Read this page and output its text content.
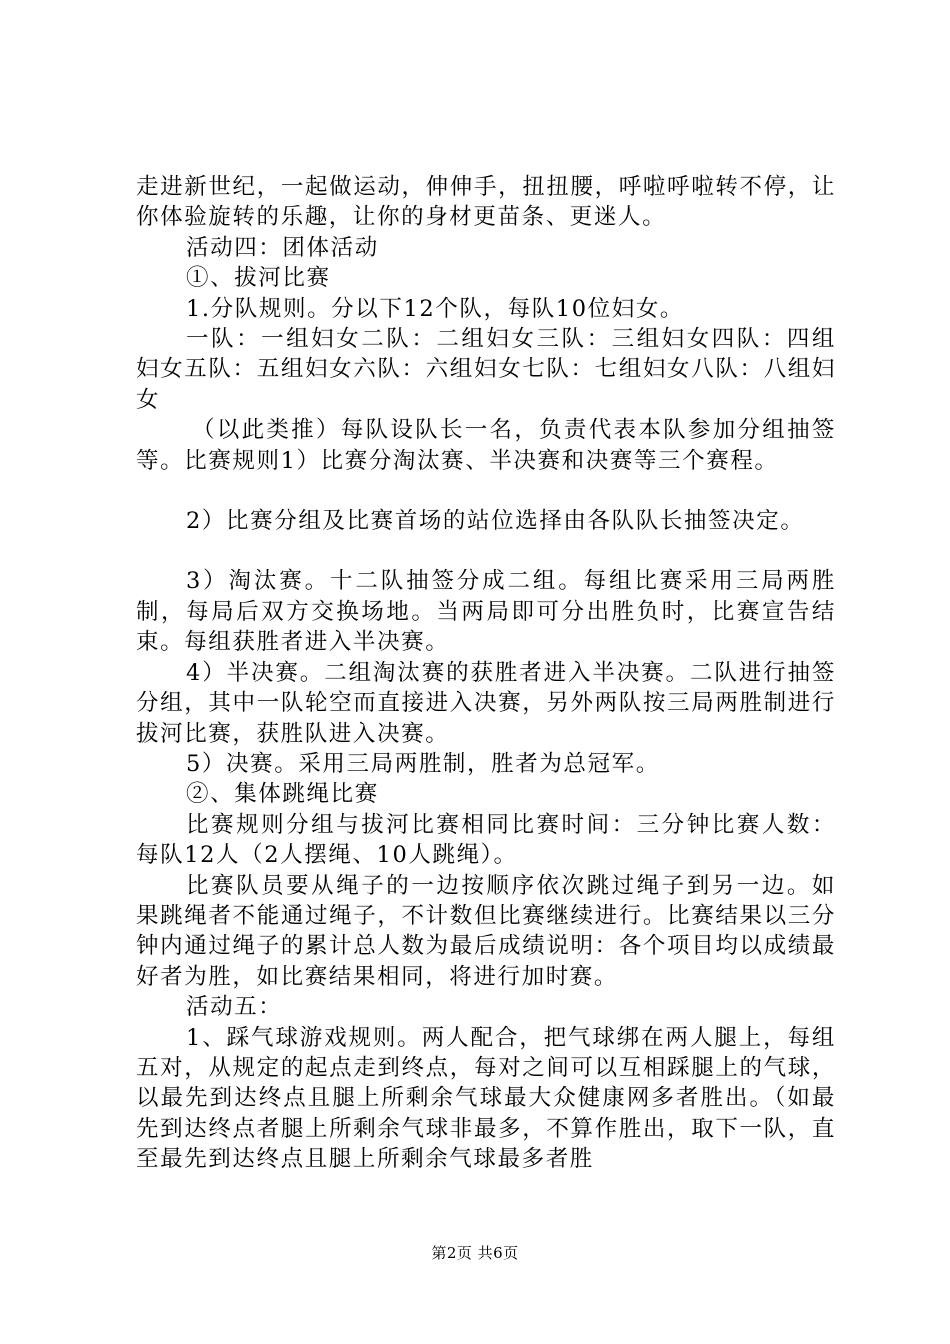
走进新世纪，一起做运动，伸伸手，扭扭腰，呼啦呼啦转不停，让你体验旋转的乐趣，让你的身材更苗条、更迷人。

活动四：团体活动

①、拔河比赛

1.分队规则。分以下12个队，每队10位妇女。

一队：一组妇女二队：二组妇女三队：三组妇女四队：四组妇女五队：五组妇女六队：六组妇女七队：七组妇女八队：八组妇女

（以此类推）每队设队长一名，负责代表本队参加分组抽签等。比赛规则1）比赛分淘汰赛、半决赛和决赛等三个赛程。

2）比赛分组及比赛首场的站位选择由各队队长抽签决定。

3）淘汰赛。十二队抽签分成二组。每组比赛采用三局两胜制，每局后双方交换场地。当两局即可分出胜负时，比赛宣告结束。每组获胜者进入半决赛。

4）半决赛。二组淘汰赛的获胜者进入半决赛。二队进行抽签分组，其中一队轮空而直接进入决赛，另外两队按三局两胜制进行拔河比赛，获胜队进入决赛。

5）决赛。采用三局两胜制，胜者为总冠军。

②、集体跳绳比赛

比赛规则分组与拔河比赛相同比赛时间：三分钟比赛人数：每队12人（2人摆绳、10人跳绳）。

比赛队员要从绳子的一边按顺序依次跳过绳子到另一边。如果跳绳者不能通过绳子，不计数但比赛继续进行。比赛结果以三分钟内通过绳子的累计总人数为最后成绩说明：各个项目均以成绩最好者为胜，如比赛结果相同，将进行加时赛。

活动五：

1、踩气球游戏规则。两人配合，把气球绑在两人腿上，每组五对，从规定的起点走到终点，每对之间可以互相踩腿上的气球，以最先到达终点且腿上所剩余气球最大众健康网多者胜出。（如最先到达终点者腿上所剩余气球非最多，不算作胜出，取下一队，直至最先到达终点且腿上所剩余气球最多者胜

第2页 共6页
